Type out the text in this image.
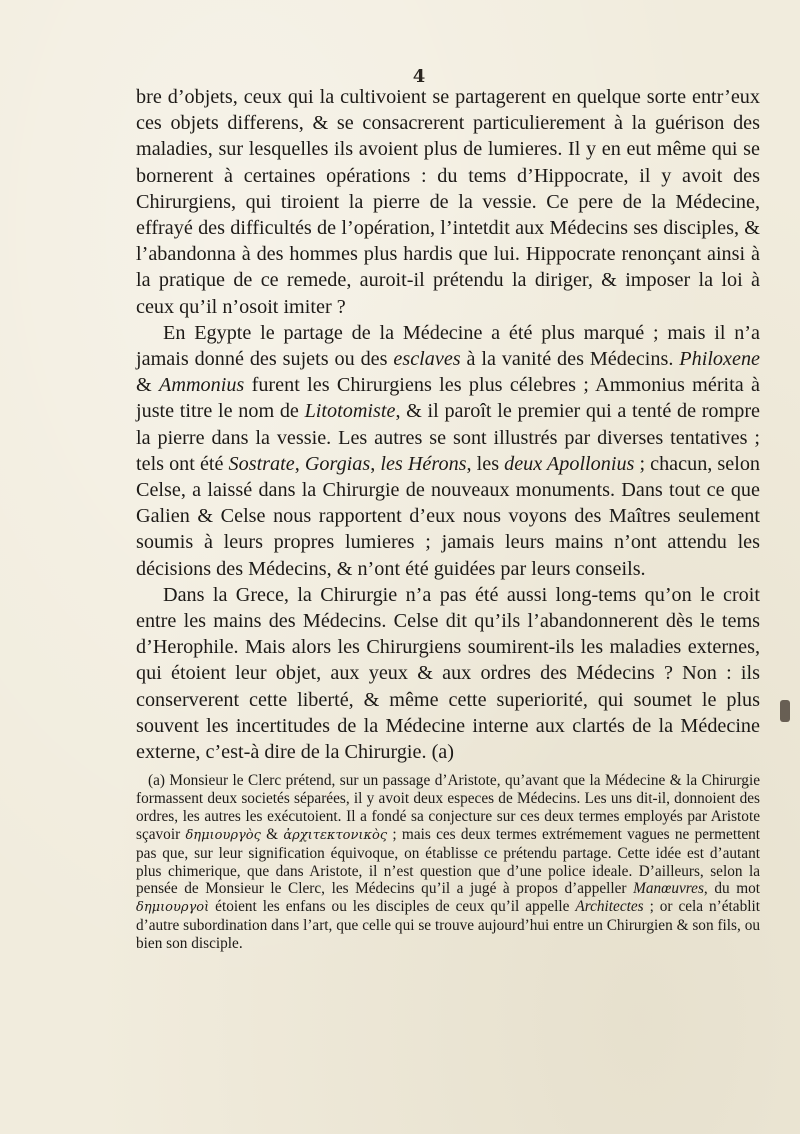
4

bre d’objets, ceux qui la cultivoient se partagerent en quelque sorte entr’eux ces objets differens, & se consacrerent particulierement à la guérison des maladies, sur lesquelles ils avoient plus de lumieres. Il y en eut même qui se bornerent à certaines opérations : du tems d’Hippocrate, il y avoit des Chirurgiens, qui tiroient la pierre de la vessie. Ce pere de la Médecine, effrayé des difficultés de l’opération, l’intetdit aux Médecins ses disciples, & l’abandonna à des hommes plus hardis que lui. Hippocrate renonçant ainsi à la pratique de ce remede, auroit-il prétendu la diriger, & imposer la loi à ceux qu’il n’osoit imiter ?

En Egypte le partage de la Médecine a été plus marqué ; mais il n’a jamais donné des sujets ou des esclaves à la vanité des Médecins. Philoxene & Ammonius furent les Chirurgiens les plus célebres ; Ammonius mérita à juste titre le nom de Litotomiste, & il paroît le premier qui a tenté de rompre la pierre dans la vessie. Les autres se sont illustrés par diverses tentatives ; tels ont été Sostrate, Gorgias, les Hérons, les deux Apollonius ; chacun, selon Celse, a laissé dans la Chirurgie de nouveaux monuments. Dans tout ce que Galien & Celse nous rapportent d’eux nous voyons des Maîtres seulement soumis à leurs propres lumieres ; jamais leurs mains n’ont attendu les décisions des Médecins, & n’ont été guidées par leurs conseils.

Dans la Grece, la Chirurgie n’a pas été aussi long-tems qu’on le croit entre les mains des Médecins. Celse dit qu’ils l’abandonnerent dès le tems d’Herophile. Mais alors les Chirurgiens soumirent-ils les maladies externes, qui étoient leur objet, aux yeux & aux ordres des Médecins ? Non : ils conserverent cette liberté, & même cette superiorité, qui soumet le plus souvent les incertitudes de la Médecine interne aux clartés de la Médecine externe, c’est-à dire de la Chirurgie. (a)

(a) Monsieur le Clerc prétend, sur un passage d’Aristote, qu’avant que la Médecine & la Chirurgie formassent deux societés séparées, il y avoit deux especes de Médecins. Les uns dit-il, donnoient des ordres, les autres les exécutoient. Il a fondé sa conjecture sur ces deux termes employés par Aristote sçavoir δημιουργὸς & ἀρχιτεκτονικὸς ; mais ces deux termes extrémement vagues ne permettent pas que, sur leur signification équivoque, on établisse ce prétendu partage. Cette idée est d’autant plus chimerique, que dans Aristote, il n’est question que d’une police ideale. D’ailleurs, selon la pensée de Monsieur le Clerc, les Médecins qu’il a jugé à propos d’appeller Manœuvres, du mot δημιουργοὶ étoient les enfans ou les disciples de ceux qu’il appelle Architectes ; or cela n’établit d’autre subordination dans l’art, que celle qui se trouve aujourd’hui entre un Chirurgien & son fils, ou bien son disciple.
